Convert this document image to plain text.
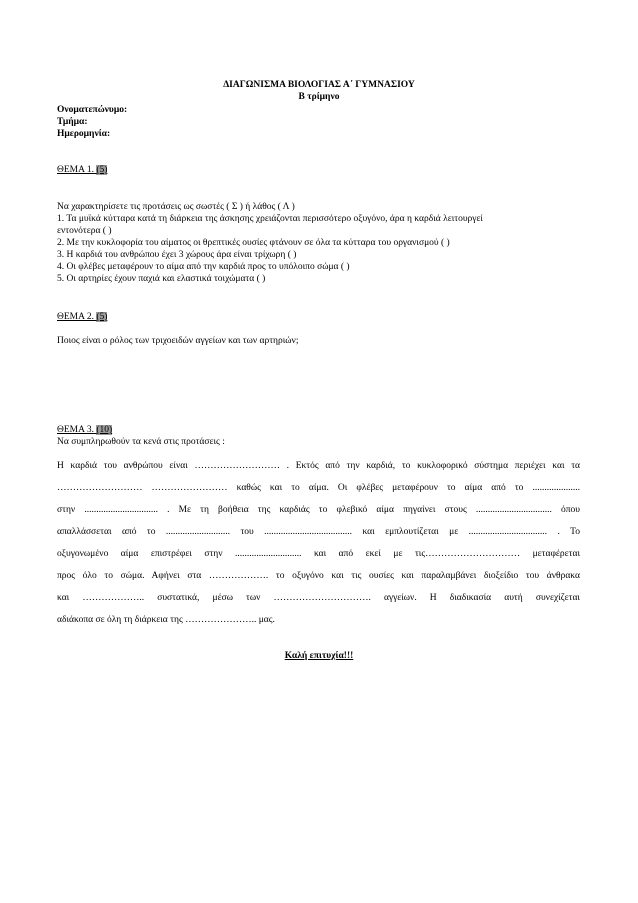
ΔΙΑΓΩΝΙΣΜΑ ΒΙΟΛΟΓΙΑΣ Α΄ ΓΥΜΝΑΣΙΟΥ
Β τρίμηνο
Ονοματεπώνυμο:
Τμήμα:
Ημερομηνία:
ΘΕΜΑ 1. (5)
Να χαρακτηρίσετε τις προτάσεις ως σωστές ( Σ ) ή λάθος ( Λ )
1. Τα μυϊκά κύτταρα κατά τη διάρκεια της άσκησης χρειάζονται περισσότερο οξυγόνο, άρα η καρδιά λειτουργεί
εντονότερα ( )
2. Με την κυκλοφορία του αίματος οι θρεπτικές ουσίες φτάνουν σε όλα τα κύτταρα του οργανισμού ( )
3. Η καρδιά του ανθρώπου έχει 3 χώρους άρα είναι τρίχωρη ( )
4. Οι φλέβες μεταφέρουν το αίμα από την καρδιά προς το υπόλοιπο σώμα ( )
5. Οι αρτηρίες έχουν παχιά και ελαστικά τοιχώματα ( )
ΘΕΜΑ 2. (5)
Ποιος είναι ο ρόλος των τριχοειδών αγγείων και των αρτηριών;
ΘΕΜΑ 3. (10)
Να συμπληρωθούν τα κενά στις προτάσεις :
Η καρδιά του ανθρώπου είναι ……………………… . Εκτός από την καρδιά, το κυκλοφορικό σύστημα περιέχει και τα
……………………… …………………… καθώς και το αίμα. Οι φλέβες μεταφέρουν το αίμα από το ....................
στην ............................... . Με τη βοήθεια της καρδιάς το φλεβικό αίμα πηγαίνει στους ................................ όπου
απαλλάσσεται από το ........................... του ..................................... και εμπλουτίζεται με ................................. . Το
οξυγονωμένο αίμα επιστρέφει στην ............................ και από εκεί με τις………………………… μεταφέρεται
προς όλο το σώμα. Αφήνει στα ………………. το οξυγόνο και τις ουσίες και παραλαμβάνει διοξείδιο του άνθρακα
και ……………….. συστατικά, μέσω των …………………………. αγγείων. Η διαδικασία αυτή συνεχίζεται
αδιάκοπα σε όλη τη διάρκεια της ………………….. μας.
Καλή επιτυχία!!!
